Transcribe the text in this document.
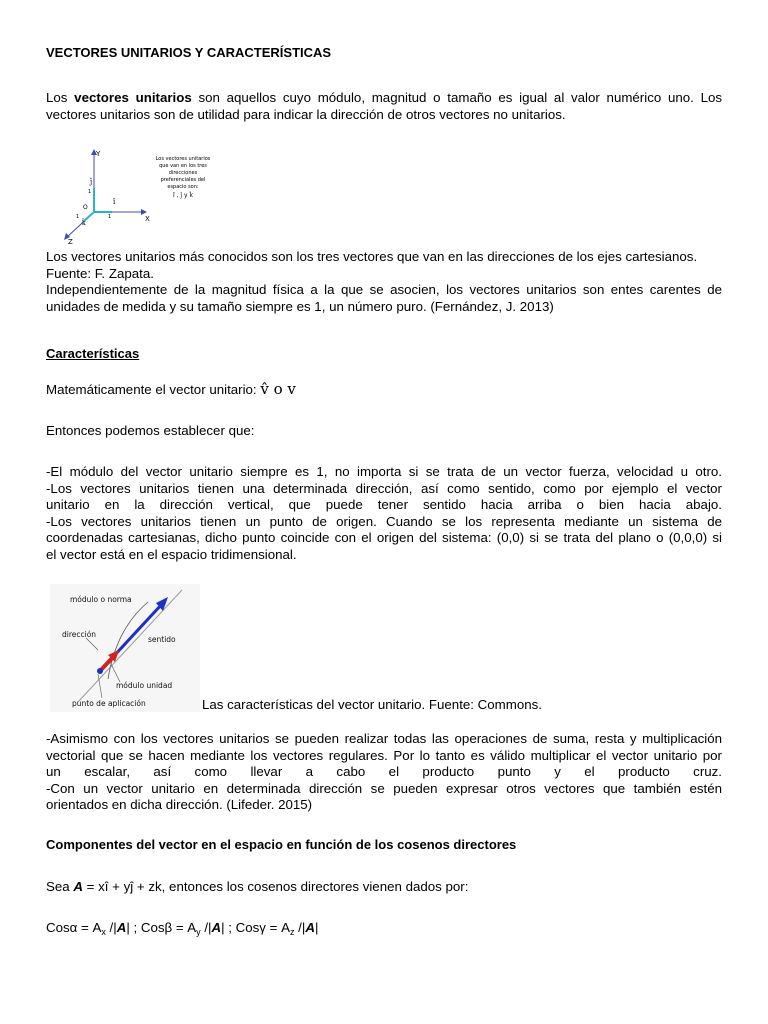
VECTORES UNITARIOS Y CARACTERÍSTICAS
Los vectores unitarios son aquellos cuyo módulo, magnitud o tamaño es igual al valor numérico uno. Los
vectores unitarios son de utilidad para indicar la dirección de otros vectores no unitarios.
Y
X
Z
O
ĵ
î
k̂
1
1
1
Los vectores unitarios
que van en los tres
direcciones
preferenciales del
espacio son:
î , ĵ y k̂
Los vectores unitarios más conocidos son los tres vectores que van en las direcciones de los ejes cartesianos.
Fuente: F. Zapata.
Independientemente de la magnitud física a la que se asocien, los vectores unitarios son entes carentes de
unidades de medida y su tamaño siempre es 1, un número puro. (Fernández, J. 2013)
Características
Matemáticamente el vector unitario: v̂ o v
Entonces podemos establecer que:
-El módulo del vector unitario siempre es 1, no importa si se trata de un vector fuerza, velocidad u otro.
-Los vectores unitarios tienen una determinada dirección, así como sentido, como por ejemplo el vector
unitario en la dirección vertical, que puede tener sentido hacia arriba o bien hacia abajo.
-Los vectores unitarios tienen un punto de origen. Cuando se los representa mediante un sistema de
coordenadas cartesianas, dicho punto coincide con el origen del sistema: (0,0) si se trata del plano o (0,0,0) si
el vector está en el espacio tridimensional.
módulo o norma
dirección
sentido
módulo unidad
punto de aplicación	Las características del vector unitario. Fuente: Commons.
-Asimismo con los vectores unitarios se pueden realizar todas las operaciones de suma, resta y multiplicación
vectorial que se hacen mediante los vectores regulares. Por lo tanto es válido multiplicar el vector unitario por
un escalar, así como llevar a cabo el producto punto y el producto cruz.
-Con un vector unitario en determinada dirección se pueden expresar otros vectores que también estén
orientados en dicha dirección. (Lifeder. 2015)
Componentes del vector en el espacio en función de los cosenos directores
Sea A = xî + yĵ + zk, entonces los cosenos directores vienen dados por:
$Cos\alpha = A_x$ /|A| ; $Cos\beta = A_y$ /|A| ; $Cos\gamma = A_z$ /|A|
